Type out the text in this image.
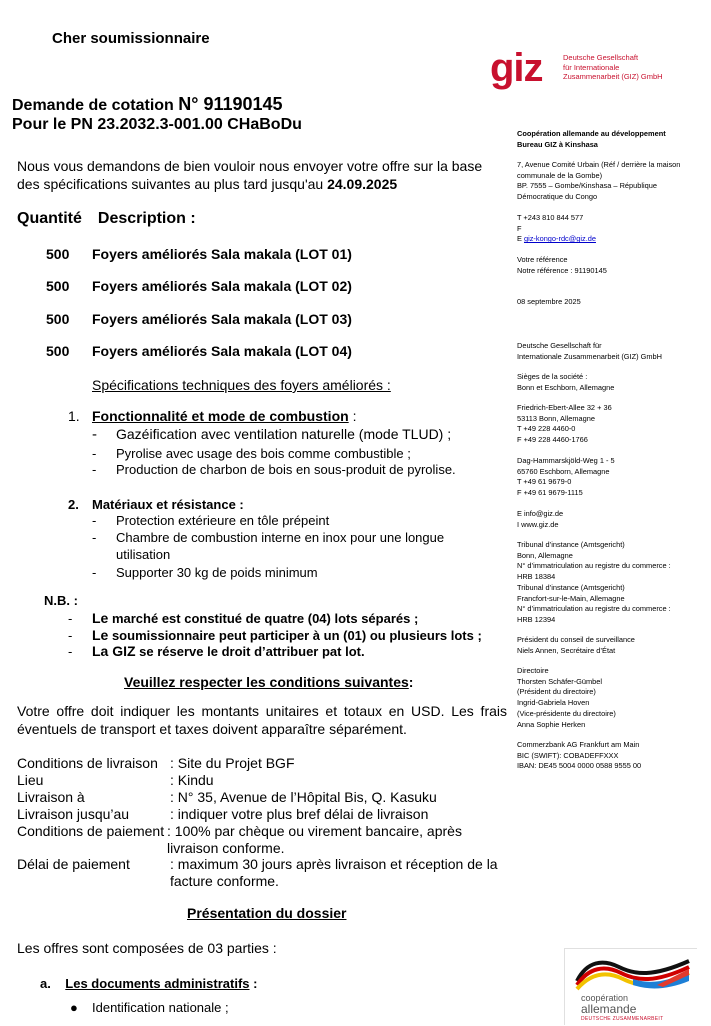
Cher soumissionnaire
giz	Deutsche Gesellschaft
für Internationale
Zusammenarbeit (GIZ) GmbH
Demande de cotation N° 91190145
Pour le PN 23.2032.3-001.00 CHaBoDu
Nous vous demandons de bien vouloir nous envoyer votre offre sur la base des spécifications suivantes au plus tard jusqu'au 24.09.2025
Quantité Description :
500 Foyers améliorés Sala makala (LOT 01)
500 Foyers améliorés Sala makala (LOT 02)
500 Foyers améliorés Sala makala (LOT 03)
500 Foyers améliorés Sala makala (LOT 04)
Spécifications techniques des foyers améliorés :
1. Fonctionnalité et mode de combustion :
- Gazéification avec ventilation naturelle (mode TLUD) ;
- Pyrolise avec usage des bois comme combustible ;
- Production de charbon de bois en sous-produit de pyrolise.
2. Matériaux et résistance :
- Protection extérieure en tôle prépeint
- Chambre de combustion interne en inox pour une longue
utilisation
- Supporter 30 kg de poids minimum
N.B. :
- Le marché est constitué de quatre (04) lots séparés ;
- Le soumissionnaire peut participer à un (01) ou plusieurs lots ;
- La GIZ se réserve le droit d’attribuer pat lot.
Veuillez respecter les conditions suivantes:
Votre offre doit indiquer les montants unitaires et totaux en USD. Les frais éventuels de transport et taxes doivent apparaître séparément.
Conditions de livraison : Site du Projet BGF
Lieu	: Kindu
Livraison à	: N° 35, Avenue de l’Hôpital Bis, Q. Kasuku
Livraison jusqu’au	: indiquer votre plus bref délai de livraison
Conditions de paiement : 100% par chèque ou virement bancaire, après livraison conforme.
Délai de paiement	: maximum 30 jours après livraison et réception de la facture conforme.
Présentation du dossier
Les offres sont composées de 03 parties :
a. Les documents administratifs :
● Identification nationale ;
Coopération allemande au développement
Bureau GIZ à Kinshasa
7, Avenue Comité Urbain (Réf / derrière la maison
communale de la Gombe)
BP. 7555 – Gombe/Kinshasa – République
Démocratique du Congo
T +243 810 844 577
F
E giz-kongo-rdc@giz.de
Votre référence
Notre référence : 91190145
08 septembre 2025
Deutsche Gesellschaft für
Internationale Zusammenarbeit (GIZ) GmbH
Sièges de la société :
Bonn et Eschborn, Allemagne
Friedrich-Ebert-Allee 32 + 36
53113 Bonn, Allemagne
T +49 228 4460-0
F +49 228 4460-1766
Dag-Hammarskjöld-Weg 1 - 5
65760 Eschborn, Allemagne
T +49 61 9679-0
F +49 61 9679-1115
E info@giz.de
I www.giz.de
Tribunal d’instance (Amtsgericht)
Bonn, Allemagne
N° d’immatriculation au registre du commerce :
HRB 18384
Tribunal d’instance (Amtsgericht)
Francfort-sur-le-Main, Allemagne
N° d’immatriculation au registre du commerce :
HRB 12394
Président du conseil de surveillance
Niels Annen, Secrétaire d’État
Directoire
Thorsten Schäfer-Gümbel
(Président du directoire)
Ingrid-Gabriela Hoven
(Vice-présidente du directoire)
Anna Sophie Herken
Commerzbank AG Frankfurt am Main
BIC (SWIFT): COBADEFFXXX
IBAN: DE45 5004 0000 0588 9555 00
coopération
allemande
DEUTSCHE ZUSAMMENARBEIT
